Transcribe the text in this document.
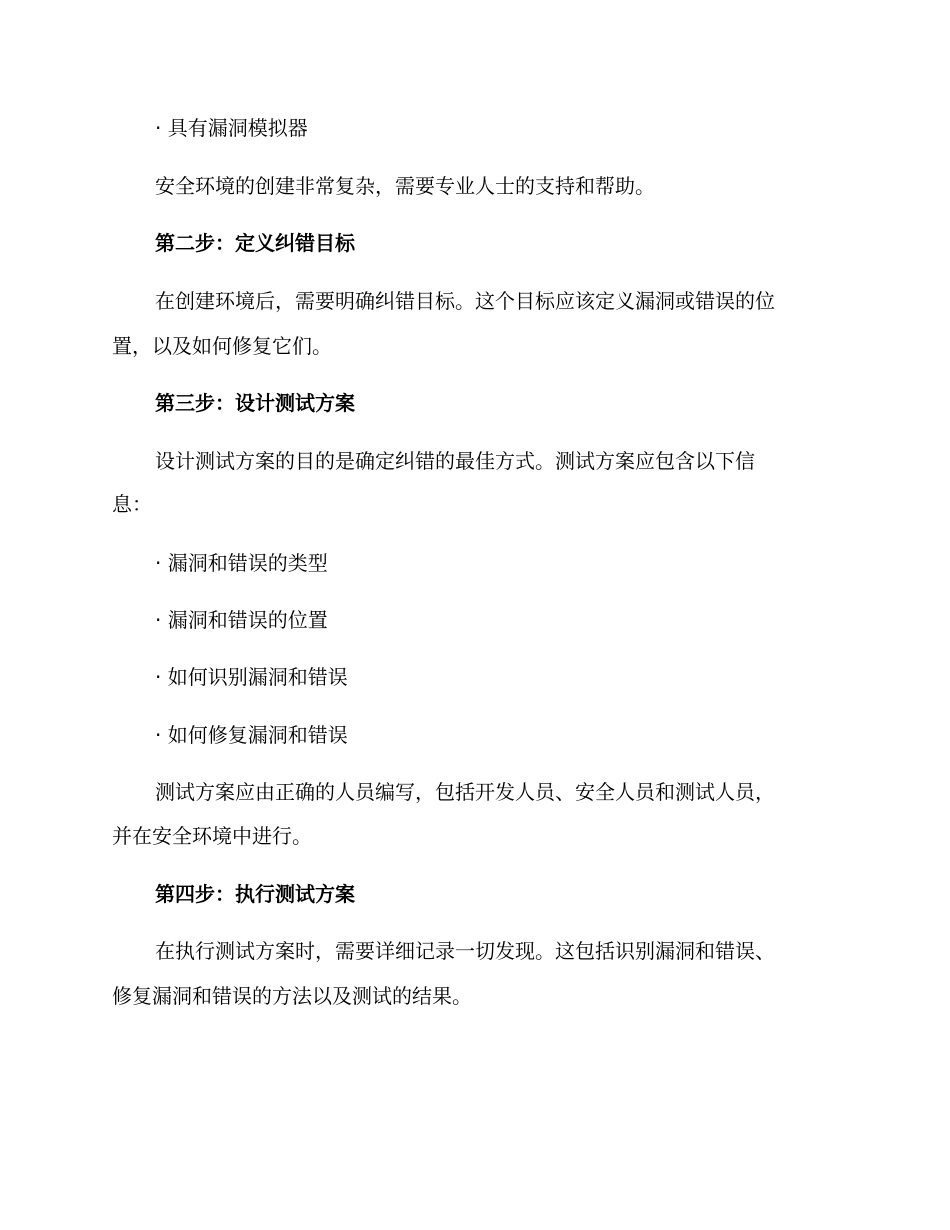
· 具有漏洞模拟器

安全环境的创建非常复杂，需要专业人士的支持和帮助。

第二步：定义纠错目标

在创建环境后，需要明确纠错目标。这个目标应该定义漏洞或错误的位

置，以及如何修复它们。

第三步：设计测试方案

设计测试方案的目的是确定纠错的最佳方式。测试方案应包含以下信

息：

· 漏洞和错误的类型

· 漏洞和错误的位置

· 如何识别漏洞和错误

· 如何修复漏洞和错误

测试方案应由正确的人员编写，包括开发人员、安全人员和测试人员，

并在安全环境中进行。

第四步：执行测试方案

在执行测试方案时，需要详细记录一切发现。这包括识别漏洞和错误、

修复漏洞和错误的方法以及测试的结果。
